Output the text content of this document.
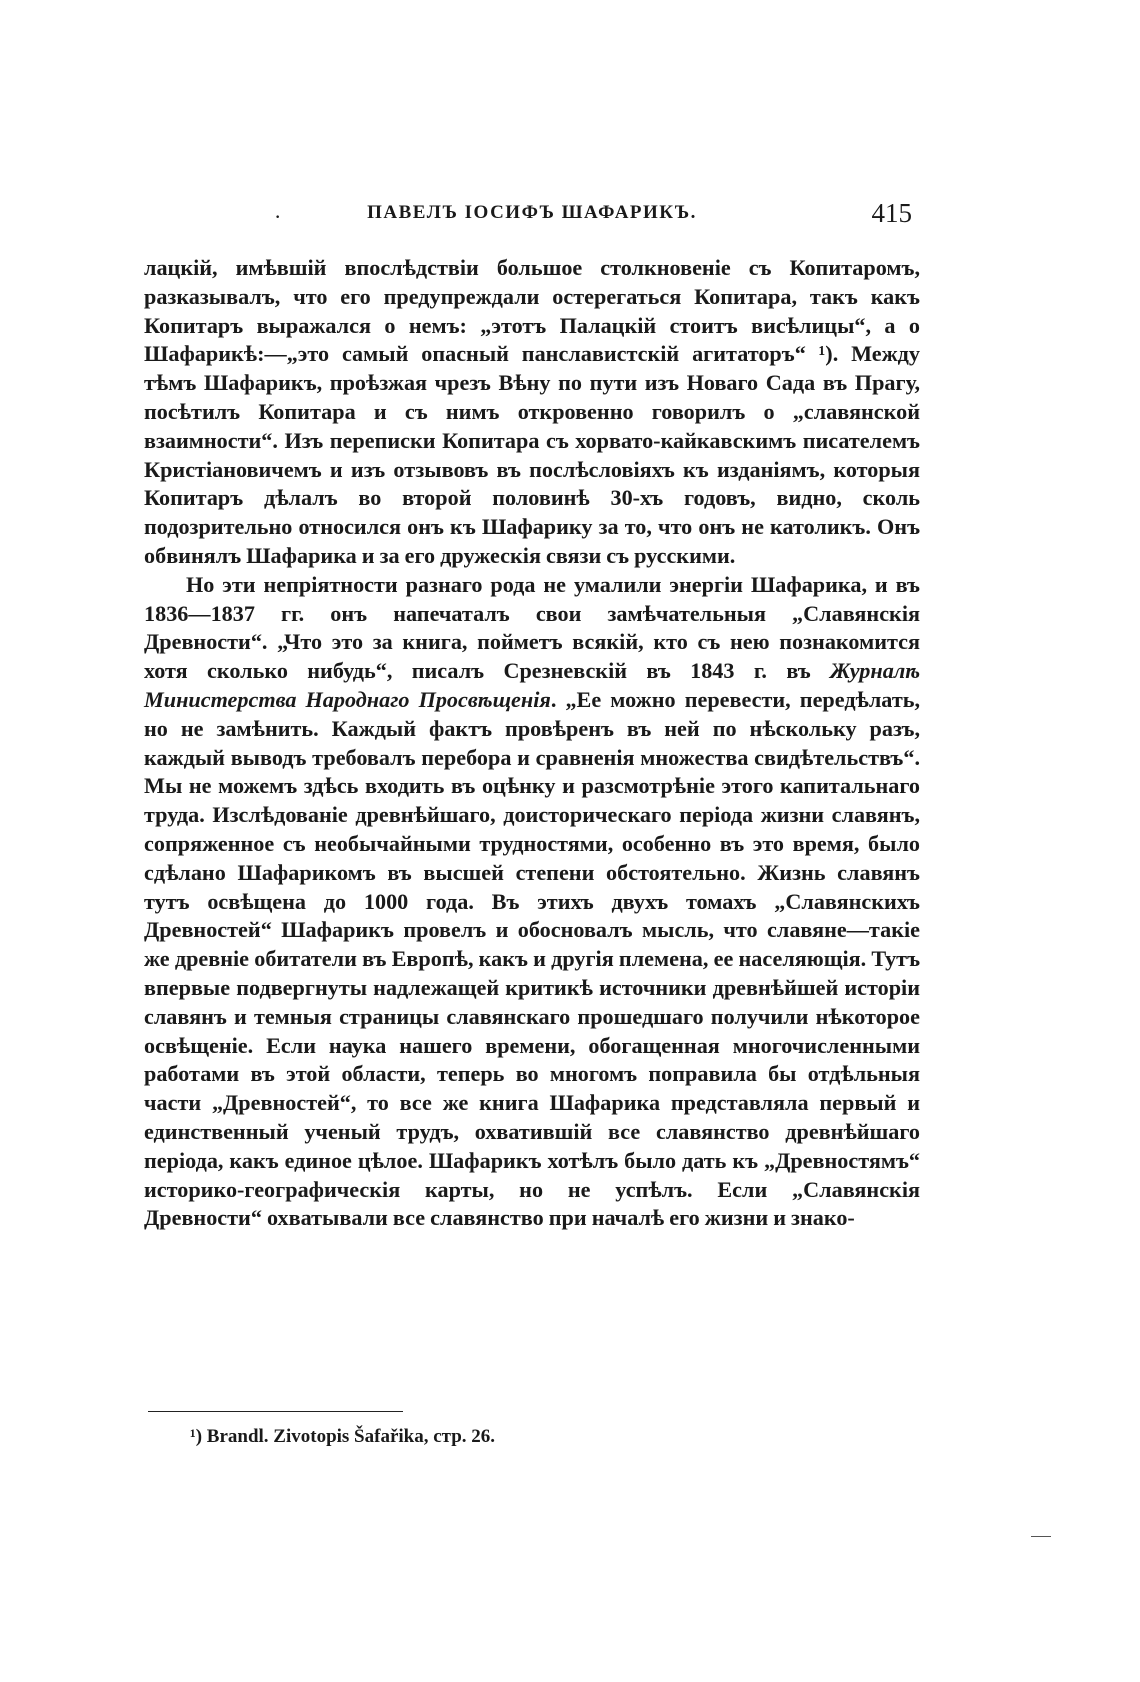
·	ПАВЕЛЪ ІОСИФЪ ШАФАРИКЪ.	415

лацкій, имѣвшій впослѣдствіи большое столкновеніе съ Копитаромъ, разказывалъ, что его предупреждали остерегаться Копитара, такъ какъ Копитаръ выражался о немъ: „этотъ Палацкій стоитъ висѣлицы“, а о Шафарикѣ:—„это самый опасный панславистскій агитаторъ“ ¹). Между тѣмъ Шафарикъ, проѣзжая чрезъ Вѣну по пути изъ Новаго Сада въ Прагу, посѣтилъ Копитара и съ нимъ откровенно говорилъ о „славянской взаимности“. Изъ переписки Копитара съ хорвато-кайкавскимъ писателемъ Кристіановичемъ и изъ отзывовъ въ послѣсловіяхъ къ изданіямъ, которыя Копитаръ дѣлалъ во второй половинѣ 30-хъ годовъ, видно, сколь подозрительно относился онъ къ Шафарику за то, что онъ не католикъ. Онъ обвинялъ Шафарика и за его дружескія связи съ русскими.

Но эти непріятности разнаго рода не умалили энергіи Шафарика, и въ 1836—1837 гг. онъ напечаталъ свои замѣчательныя „Славянскія Древности“. „Что это за книга, пойметъ всякій, кто съ нею познакомится хотя сколько нибудь“, писалъ Срезневскій въ 1843 г. въ Журналѣ Министерства Народнаго Просвѣщенія. „Ее можно перевести, передѣлать, но не замѣнить. Каждый фактъ провѣренъ въ ней по нѣскольку разъ, каждый выводъ требовалъ перебора и сравненія множества свидѣтельствъ“. Мы не можемъ здѣсь входить въ оцѣнку и разсмотрѣніе этого капитальнаго труда. Изслѣдованіе древнѣйшаго, доисторическаго періода жизни славянъ, сопряженное съ необычайными трудностями, особенно въ это время, было сдѣлано Шафарикомъ въ высшей степени обстоятельно. Жизнь славянъ тутъ освѣщена до 1000 года. Въ этихъ двухъ томахъ „Славянскихъ Древностей“ Шафарикъ провелъ и обосновалъ мысль, что славяне—такіе же древніе обитатели въ Европѣ, какъ и другія племена, ее населяющія. Тутъ впервые подвергнуты надлежащей критикѣ источники древнѣйшей исторіи славянъ и темныя страницы славянскаго прошедшаго получили нѣкоторое освѣщеніе. Если наука нашего времени, обогащенная многочисленными работами въ этой области, теперь во многомъ поправила бы отдѣльныя части „Древностей“, то все же книга Шафарика представляла первый и единственный ученый трудъ, охватившій все славянство древнѣйшаго періода, какъ единое цѣлое. Шафарикъ хотѣлъ было дать къ „Древностямъ“ историко-географическія карты, но не успѣлъ. Если „Славянскія Древности“ охватывали все славянство при началѣ его жизни и знако-

¹) Brandl. Zivotopis Šafařika, стр. 26.
